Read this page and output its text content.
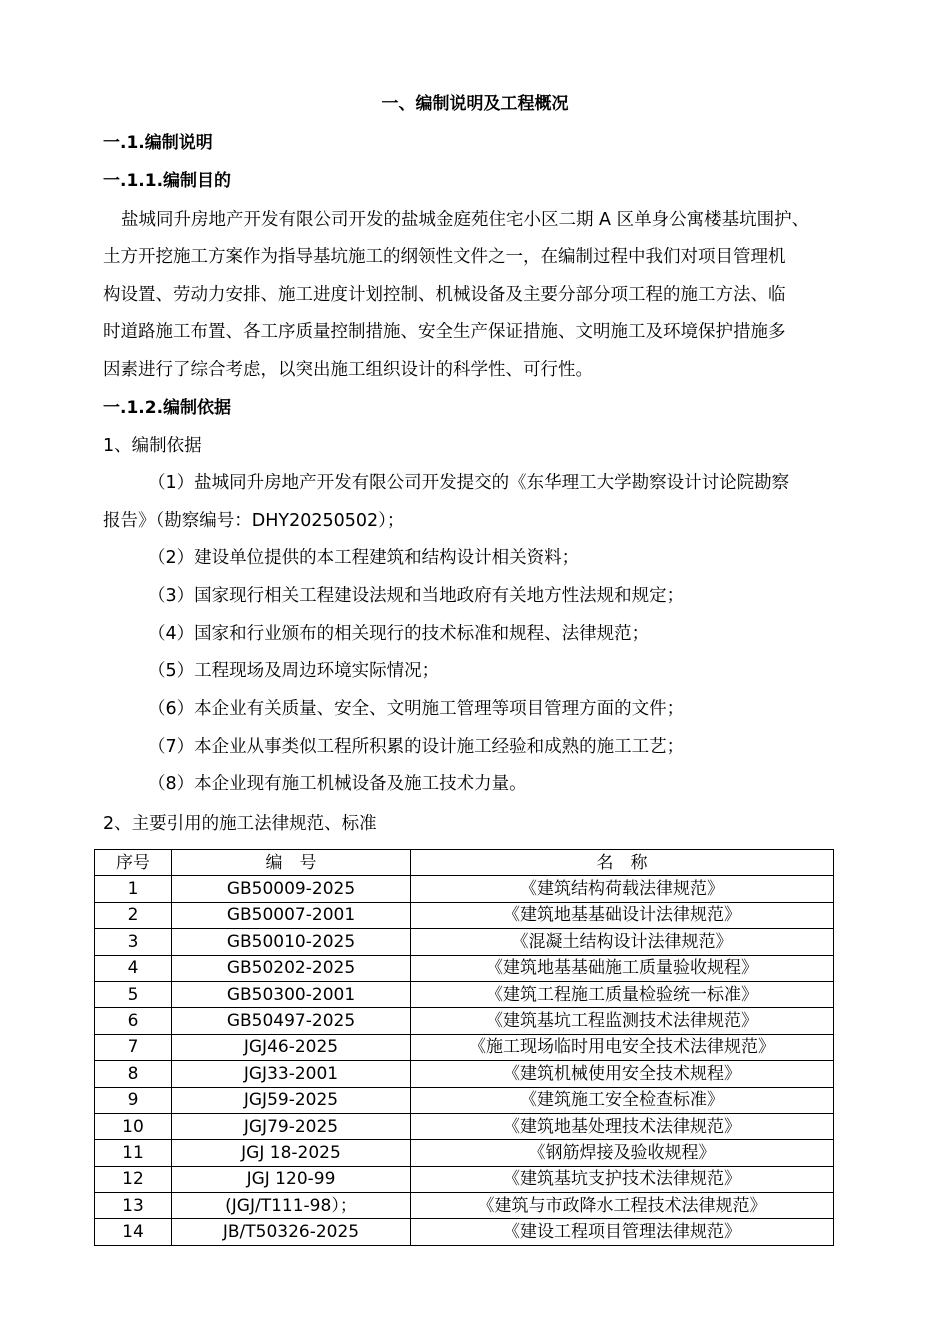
一、编制说明及工程概况
一.1.编制说明
一.1.1.编制目的
盐城同升房地产开发有限公司开发的盐城金庭苑住宅小区二期 A 区单身公寓楼基坑围护、
土方开挖施工方案作为指导基坑施工的纲领性文件之一，在编制过程中我们对项目管理机
构设置、劳动力安排、施工进度计划控制、机械设备及主要分部分项工程的施工方法、临
时道路施工布置、各工序质量控制措施、安全生产保证措施、文明施工及环境保护措施多
因素进行了综合考虑，以突出施工组织设计的科学性、可行性。
一.1.2.编制依据
1、编制依据
（1）盐城同升房地产开发有限公司开发提交的《东华理工大学勘察设计讨论院勘察
报告》（勘察编号：DHY20250502）；
（2）建设单位提供的本工程建筑和结构设计相关资料；
（3）国家现行相关工程建设法规和当地政府有关地方性法规和规定；
（4）国家和行业颁布的相关现行的技术标准和规程、法律规范；
（5）工程现场及周边环境实际情况；
（6）本企业有关质量、安全、文明施工管理等项目管理方面的文件；
（7）本企业从事类似工程所积累的设计施工经验和成熟的施工工艺；
（8）本企业现有施工机械设备及施工技术力量。
2、主要引用的施工法律规范、标准
序号	编　号	名　称
1	GB50009-2025	《建筑结构荷载法律规范》
2	GB50007-2001	《建筑地基基础设计法律规范》
3	GB50010-2025	《混凝土结构设计法律规范》
4	GB50202-2025	《建筑地基基础施工质量验收规程》
5	GB50300-2001	《建筑工程施工质量检验统一标准》
6	GB50497-2025	《建筑基坑工程监测技术法律规范》
7	JGJ46-2025	《施工现场临时用电安全技术法律规范》
8	JGJ33-2001	《建筑机械使用安全技术规程》
9	JGJ59-2025	《建筑施工安全检查标准》
10	JGJ79-2025	《建筑地基处理技术法律规范》
11	JGJ 18-2025	《钢筋焊接及验收规程》
12	JGJ 120-99	《建筑基坑支护技术法律规范》
13	(JGJ/T111-98）；	《建筑与市政降水工程技术法律规范》
14	JB/T50326-2025	《建设工程项目管理法律规范》
